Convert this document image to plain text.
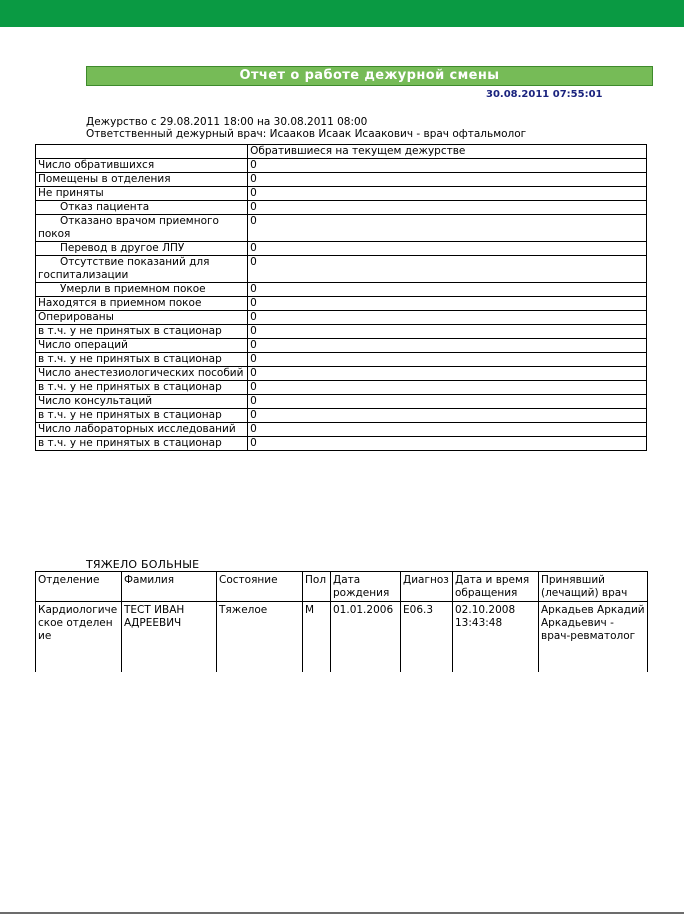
Отчет о работе дежурной смены
30.08.2011 07:55:01
Дежурство с 29.08.2011 18:00 на 30.08.2011 08:00
Ответственный дежурный врач: Исааков Исаак Исаакович - врач офтальмолог
	Обратившиеся на текущем дежурстве
Число обратившихся	0
Помещены в отделения	0
Не приняты	0
Отказ пациента	0
Отказано врачом приемного покоя	0
Перевод в другое ЛПУ	0
Отсутствие показаний для госпитализации	0
Умерли в приемном покое	0
Находятся в приемном покое	0
Оперированы	0
в т.ч. у не принятых в стационар	0
Число операций	0
в т.ч. у не принятых в стационар	0
Число анестезиологических пособий	0
в т.ч. у не принятых в стационар	0
Число консультаций	0
в т.ч. у не принятых в стационар	0
Число лабораторных исследований	0
в т.ч. у не принятых в стационар	0
ТЯЖЕЛО БОЛЬНЫЕ
Отделение	Фамилия	Состояние	Пол	Дата рождения	Диагноз	Дата и время обращения	Принявший (лечащий) врач
Кардиологическое отделение	ТЕСТ ИВАН АДРЕЕВИЧ	Тяжелое	М	01.01.2006	E06.3	02.10.2008 13:43:48	Аркадьев Аркадий Аркадьевич - врач-ревматолог
